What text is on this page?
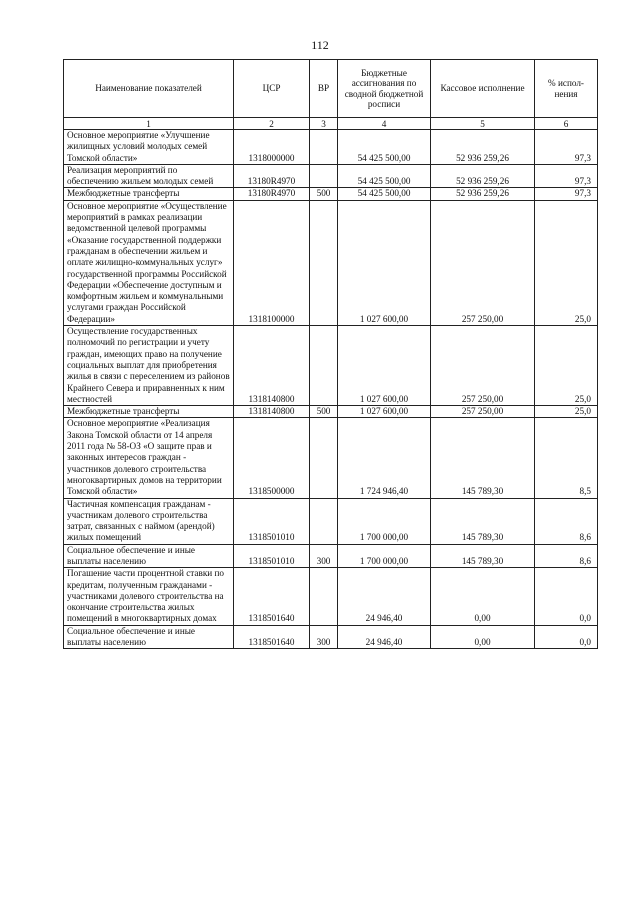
112
Наименование показателей	ЦСР	ВР	Бюджетные ассигнования по сводной бюджетной росписи	Кассовое исполнение	% испол-нения
1	2	3	4	5	6
Основное мероприятие «Улучшение жилищных условий молодых семей Томской области»	1318000000		54 425 500,00	52 936 259,26	97,3
Реализация мероприятий по обеспечению жильем молодых семей	13180R4970		54 425 500,00	52 936 259,26	97,3
Межбюджетные трансферты	13180R4970	500	54 425 500,00	52 936 259,26	97,3
Основное мероприятие «Осуществление мероприятий в рамках реализации ведомственной целевой программы «Оказание государственной поддержки гражданам в обеспечении жильем и оплате жилищно-коммунальных услуг» государственной программы Российской Федерации «Обеспечение доступным и комфортным жильем и коммунальными услугами граждан Российской Федерации»	1318100000		1 027 600,00	257 250,00	25,0
Осуществление государственных полномочий по регистрации и учету граждан, имеющих право на получение социальных выплат для приобретения жилья в связи с переселением из районов Крайнего Севера и приравненных к ним местностей	1318140800		1 027 600,00	257 250,00	25,0
Межбюджетные трансферты	1318140800	500	1 027 600,00	257 250,00	25,0
Основное мероприятие «Реализация Закона Томской области от 14 апреля 2011 года № 58-ОЗ «О защите прав и законных интересов граждан - участников долевого строительства многоквартирных домов на территории Томской области»	1318500000		1 724 946,40	145 789,30	8,5
Частичная компенсация гражданам - участникам долевого строительства затрат, связанных с наймом (арендой) жилых помещений	1318501010		1 700 000,00	145 789,30	8,6
Социальное обеспечение и иные выплаты населению	1318501010	300	1 700 000,00	145 789,30	8,6
Погашение части процентной ставки по кредитам, полученным гражданами - участниками долевого строительства на окончание строительства жилых помещений в многоквартирных домах	1318501640		24 946,40	0,00	0,0
Социальное обеспечение и иные выплаты населению	1318501640	300	24 946,40	0,00	0,0
